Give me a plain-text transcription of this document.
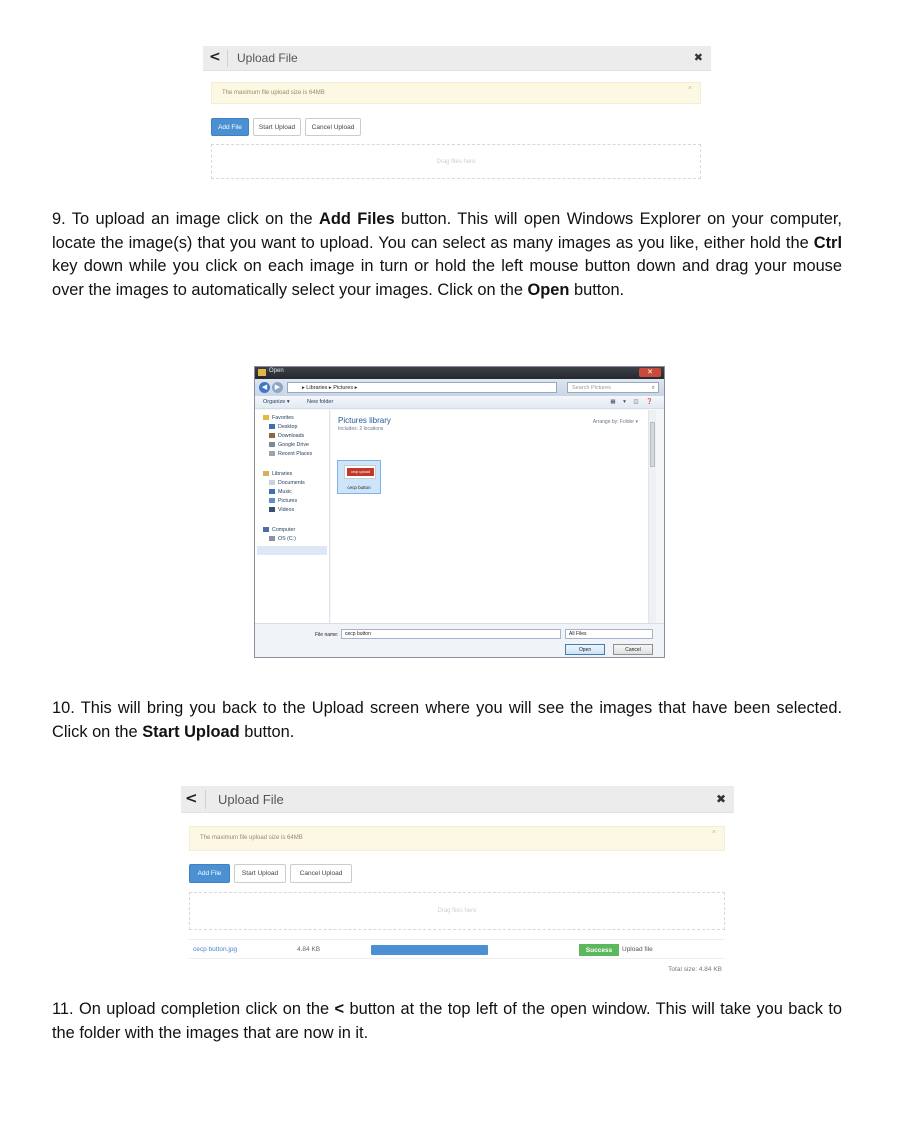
< Upload File	✖
The maximum file upload size is 64MB
×
Add File	Start Upload	Cancel Upload
Drag files here

9. To upload an image click on the Add Files button. This will open Windows Explorer on your computer, locate the image(s) that you want to upload. You can select as many images as you like, either hold the Ctrl key down while you click on each image in turn or hold the left mouse button down and drag your mouse over the images to automatically select your images. Click on the Open button.

Open	✕
◀	▶	▸ Libraries ▸ Pictures ▸	Search Pictures	⌕
Organize ▾	New folder	▦ ▾ ◫ ❓
Favorites
Desktop
Downloads
Google Drive
Recent Places
Libraries
Documents
Music
Pictures
Videos
Computer
OS (C:)
Pictures library
Includes: 2 locations
Arrange by: Folder ▾
cecp upload
cecp button
File name:	cecp button	All Files
Open	Cancel

10. This will bring you back to the Upload screen where you will see the images that have been selected. Click on the Start Upload button.

< Upload File	✖
The maximum file upload size is 64MB
×
Add File	Start Upload	Cancel Upload
Drag files here
cecp button.jpg	4.84 KB	Success	Upload file
Total size: 4.84 KB

11. On upload completion click on the < button at the top left of the open window. This will take you back to the folder with the images that are now in it.
